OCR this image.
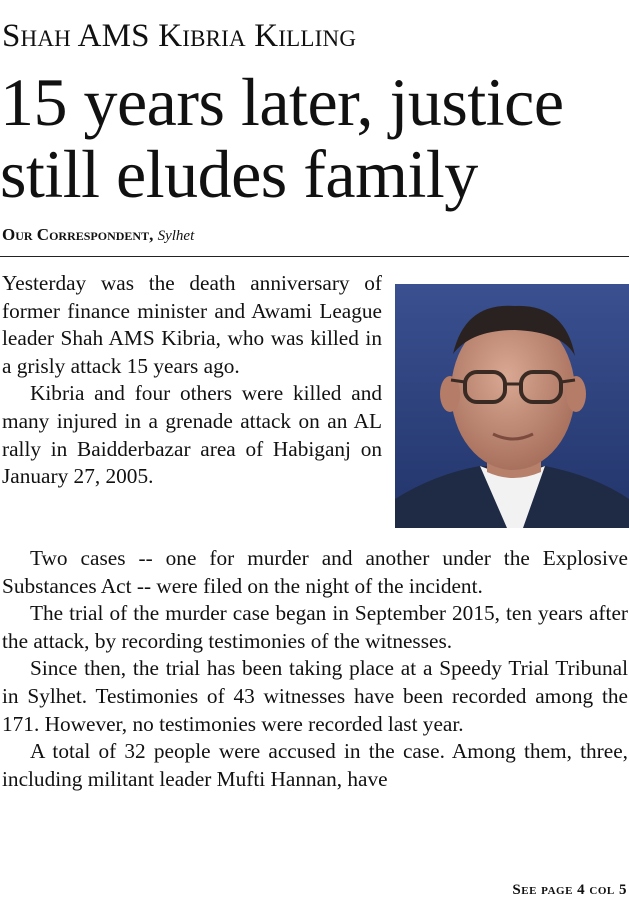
Shah AMS Kibria Killing
15 years later, justice still eludes family
Our Correspondent, Sylhet

Yesterday was the death anniversary of former finance minister and Awami League leader Shah AMS Kibria, who was killed in a grisly attack 15 years ago.

Kibria and four others were killed and many injured in a grenade attack on an AL rally in Baidderbazar area of Habiganj on January 27, 2005.

Two cases -- one for murder and another under the Explosive Substances Act -- were filed on the night of the incident.

The trial of the murder case began in September 2015, ten years after the attack, by recording testimonies of the witnesses.

Since then, the trial has been taking place at a Speedy Trial Tribunal in Sylhet. Testimonies of 43 witnesses have been recorded among the 171. However, no testimonies were recorded last year.

A total of 32 people were accused in the case. Among them, three, including militant leader Mufti Hannan, have

See page 4 col 5
